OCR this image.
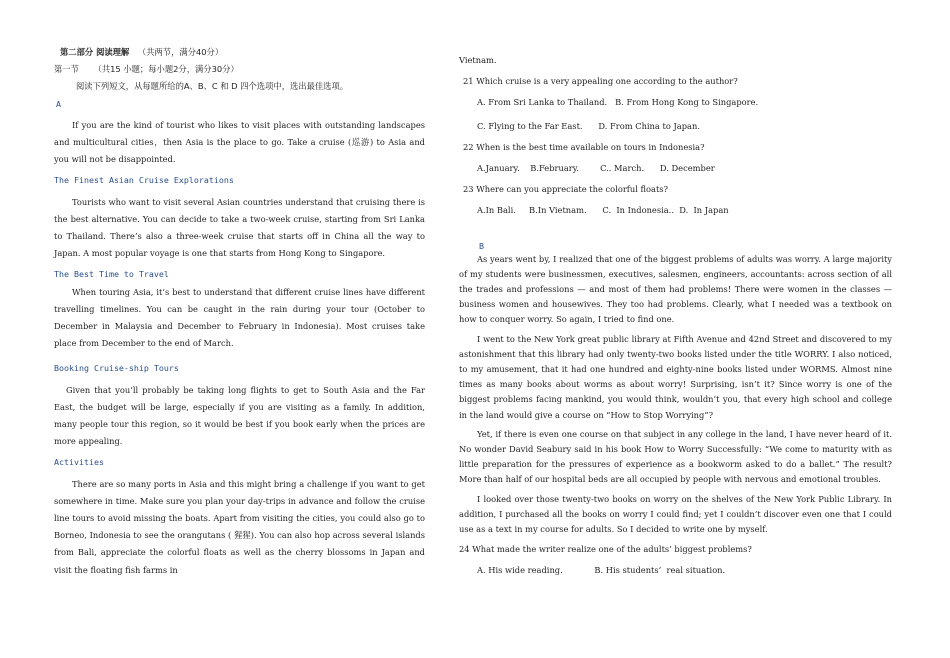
第二部分 阅读理解 （共两节，满分40分）
第一节 （共15 小题；每小题2分，满分30分）

阅读下列短文，从每题所给的A、B、C 和 D 四个选项中，选出最佳选项。

A

If you are the kind of tourist who likes to visit places with outstanding landscapes and multicultural cities，then Asia is the place to go. Take a cruise (巡游) to Asia and you will not be disappointed.

The Finest Asian Cruise Explorations

Tourists who want to visit several Asian countries understand that cruising there is the best alternative. You can decide to take a two-week cruise, starting from Sri Lanka to Thailand. There’s also a three-week cruise that starts off in China all the way to Japan. A most popular voyage is one that starts from Hong Kong to Singapore.

The Best Time to Travel

When touring Asia, it’s best to understand that different cruise lines have different travelling timelines. You can be caught in the rain during your tour (October to December in Malaysia and December to February in Indonesia). Most cruises take place from December to the end of March.

Booking Cruise-ship Tours

Given that you’ll probably be taking long flights to get to South Asia and the Far East, the budget will be large, especially if you are visiting as a family. In addition, many people tour this region, so it would be best if you book early when the prices are more appealing.

Activities

There are so many ports in Asia and this might bring a challenge if you want to get somewhere in time. Make sure you plan your day-trips in advance and follow the cruise line tours to avoid missing the boats. Apart from visiting the cities, you could also go to Borneo, Indonesia to see the orangutans ( 猩猩). You can also hop across several islands from Bali, appreciate the colorful floats as well as the cherry blossoms in Japan and visit the floating fish farms in

Vietnam.
21 Which cruise is a very appealing one according to the author?
A. From Sri Lanka to Thailand.   B. From Hong Kong to Singapore.
C. Flying to the Far East.      D. From China to Japan.
22 When is the best time available on tours in Indonesia?
A.January.    B.February.        C.. March.      D. December
23 Where can you appreciate the colorful floats?
A.In Bali.     B.In Vietnam.      C.  In Indonesia..  D.  In Japan
B

As years went by, I realized that one of the biggest problems of adults was worry. A large majority of my students were businessmen, executives, salesmen, engineers, accountants: across section of all the trades and professions — and most of them had problems! There were women in the classes — business women and housewives. They too had problems. Clearly, what I needed was a textbook on how to conquer worry. So again, I tried to find one.

I went to the New York great public library at Fifth Avenue and 42nd Street and discovered to my astonishment that this library had only twenty-two books listed under the title WORRY. I also noticed, to my amusement, that it had one hundred and eighty-nine books listed under WORMS. Almost nine times as many books about worms as about worry! Surprising, isn’t it? Since worry is one of the biggest problems facing mankind, you would think, wouldn’t you, that every high school and college in the land would give a course on “How to Stop Worrying”?

Yet, if there is even one course on that subject in any college in the land, I have never heard of it. No wonder David Seabury said in his book How to Worry Successfully: “We come to maturity with as little preparation for the pressures of experience as a bookworm asked to do a ballet.” The result? More than half of our hospital beds are all occupied by people with nervous and emotional troubles.

I looked over those twenty-two books on worry on the shelves of the New York Public Library. In addition, I purchased all the books on worry I could find; yet I couldn’t discover even one that I could use as a text in my course for adults. So I decided to write one by myself.

24 What made the writer realize one of the adults’ biggest problems?
A. His wide reading.            B. His students’  real situation.
